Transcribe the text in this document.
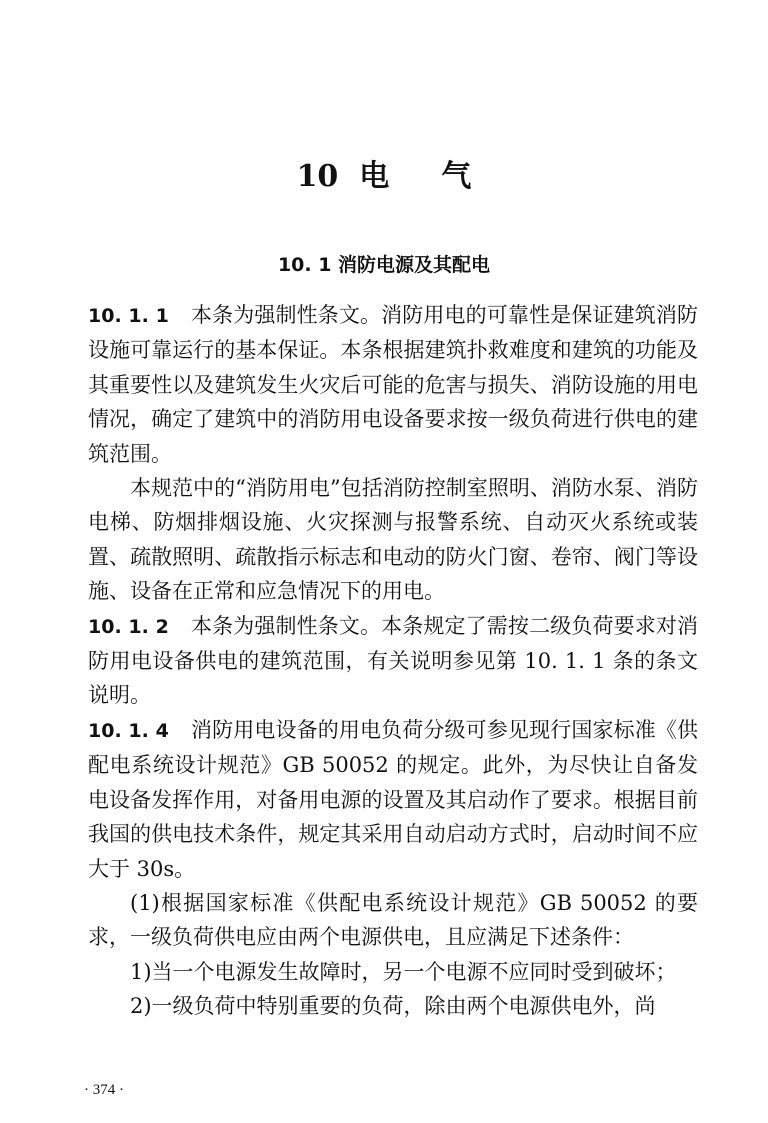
10  电     气
10. 1 消防电源及其配电

10. 1. 1 本条为强制性条文。消防用电的可靠性是保证建筑消防设施可靠运行的基本保证。本条根据建筑扑救难度和建筑的功能及其重要性以及建筑发生火灾后可能的危害与损失、消防设施的用电情况，确定了建筑中的消防用电设备要求按一级负荷进行供电的建筑范围。

本规范中的“消防用电”包括消防控制室照明、消防水泵、消防电梯、防烟排烟设施、火灾探测与报警系统、自动灭火系统或装置、疏散照明、疏散指示标志和电动的防火门窗、卷帘、阀门等设施、设备在正常和应急情况下的用电。

10. 1. 2 本条为强制性条文。本条规定了需按二级负荷要求对消防用电设备供电的建筑范围，有关说明参见第 10. 1. 1 条的条文说明。

10. 1. 4 消防用电设备的用电负荷分级可参见现行国家标准《供配电系统设计规范》GB 50052 的规定。此外，为尽快让自备发电设备发挥作用，对备用电源的设置及其启动作了要求。根据目前我国的供电技术条件，规定其采用自动启动方式时，启动时间不应大于 30s。

(1)根据国家标准《供配电系统设计规范》GB 50052 的要求，一级负荷供电应由两个电源供电，且应满足下述条件：

1)当一个电源发生故障时，另一个电源不应同时受到破坏；

2)一级负荷中特别重要的负荷，除由两个电源供电外，尚

· 374 ·
